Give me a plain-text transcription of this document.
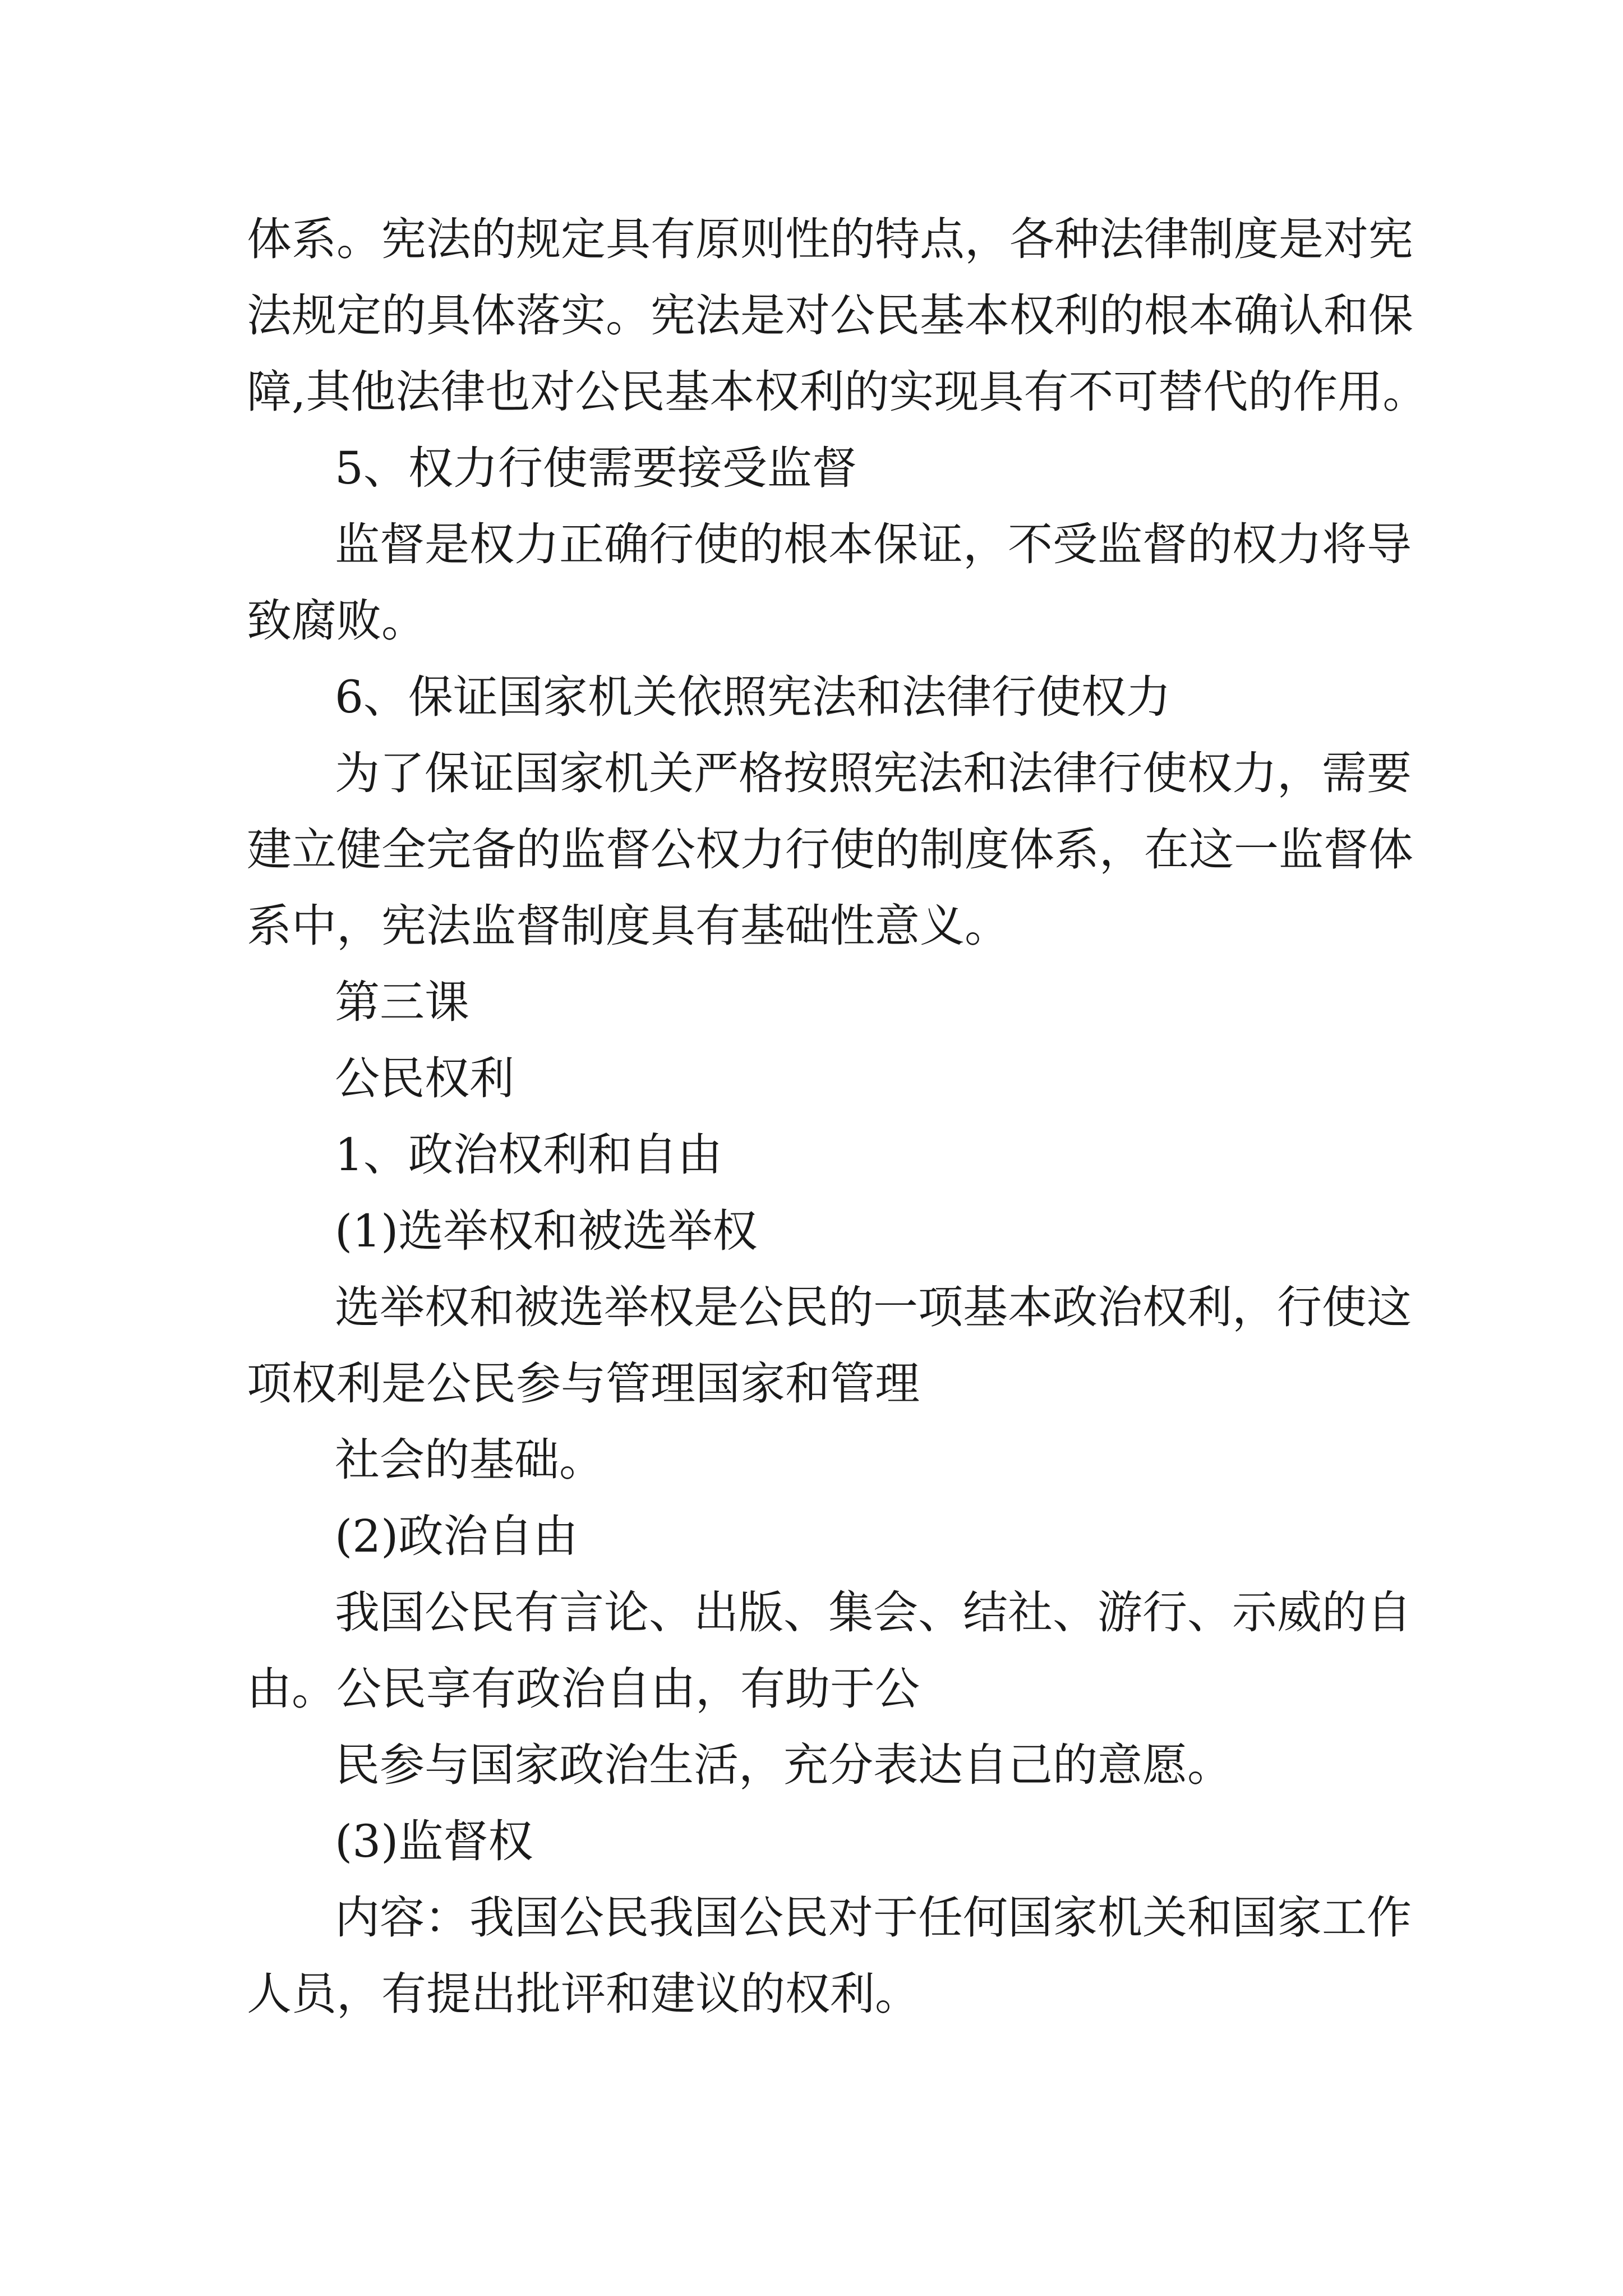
体系。宪法的规定具有原则性的特点，各种法律制度是对宪

法规定的具体落实。宪法是对公民基本权利的根本确认和保

障,其他法律也对公民基本权利的实现具有不可替代的作用。

5、权力行使需要接受监督

监督是权力正确行使的根本保证，不受监督的权力将导

致腐败。

6、保证国家机关依照宪法和法律行使权力

为了保证国家机关严格按照宪法和法律行使权力，需要

建立健全完备的监督公权力行使的制度体系，在这一监督体

系中，宪法监督制度具有基础性意义。

第三课

公民权利

1、政治权利和自由

(1)选举权和被选举权

选举权和被选举权是公民的一项基本政治权利，行使这

项权利是公民参与管理国家和管理

社会的基础。

(2)政治自由

我国公民有言论、出版、集会、结社、游行、示威的自

由。公民享有政治自由，有助于公

民参与国家政治生活，充分表达自己的意愿。

(3)监督权

内容：我国公民我国公民对于任何国家机关和国家工作

人员，有提出批评和建议的权利。
